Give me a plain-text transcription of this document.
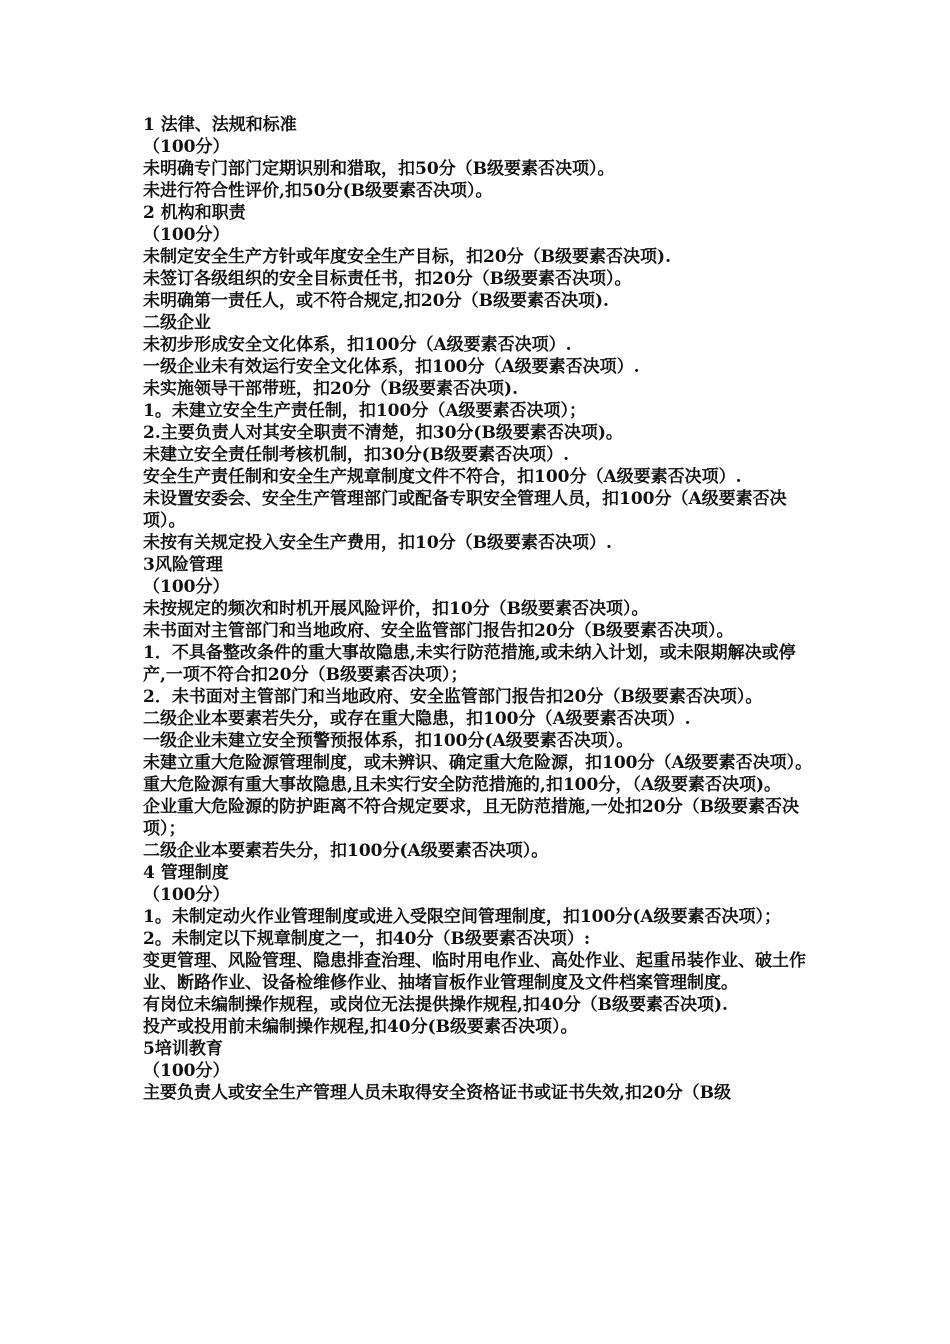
1 法律、法规和标准

（100分）

未明确专门部门定期识别和猎取，扣50分（B级要素否决项）。

未进行符合性评价,扣50分(B级要素否决项）。

2 机构和职责

（100分）

未制定安全生产方针或年度安全生产目标，扣20分（B级要素否决项).

未签订各级组织的安全目标责任书，扣20分（B级要素否决项）。

未明确第一责任人，或不符合规定,扣20分（B级要素否决项).

二级企业

未初步形成安全文化体系，扣100分（A级要素否决项）.

一级企业未有效运行安全文化体系，扣100分（A级要素否决项）.

未实施领导干部带班，扣20分（B级要素否决项).

1。未建立安全生产责任制，扣100分（A级要素否决项）；

2.主要负责人对其安全职责不清楚，扣30分(B级要素否决项)。

未建立安全责任制考核机制，扣30分(B级要素否决项）.

安全生产责任制和安全生产规章制度文件不符合，扣100分（A级要素否决项）.

未设置安委会、安全生产管理部门或配备专职安全管理人员，扣100分（A级要素否决项）。

未按有关规定投入安全生产费用，扣10分（B级要素否决项）.

3风险管理

（100分）

未按规定的频次和时机开展风险评价，扣10分（B级要素否决项）。

未书面对主管部门和当地政府、安全监管部门报告扣20分（B级要素否决项）。

1．不具备整改条件的重大事故隐患,未实行防范措施,或未纳入计划，或未限期解决或停产,一项不符合扣20分（B级要素否决项）；

2．未书面对主管部门和当地政府、安全监管部门报告扣20分（B级要素否决项）。

二级企业本要素若失分，或存在重大隐患，扣100分（A级要素否决项）.

一级企业未建立安全预警预报体系，扣100分(A级要素否决项）。

未建立重大危险源管理制度，或未辨识、确定重大危险源，扣100分（A级要素否决项）。

重大危险源有重大事故隐患,且未实行安全防范措施的,扣100分，（A级要素否决项)。

企业重大危险源的防护距离不符合规定要求，且无防范措施,一处扣20分（B级要素否决项）；

二级企业本要素若失分，扣100分(A级要素否决项）。

4 管理制度

（100分）

1。未制定动火作业管理制度或进入受限空间管理制度，扣100分(A级要素否决项）；

2。未制定以下规章制度之一，扣40分（B级要素否决项）:

变更管理、风险管理、隐患排查治理、临时用电作业、高处作业、起重吊装作业、破土作业、断路作业、设备检维修作业、抽堵盲板作业管理制度及文件档案管理制度。

有岗位未编制操作规程，或岗位无法提供操作规程,扣40分（B级要素否决项).

投产或投用前未编制操作规程,扣40分(B级要素否决项）。

5培训教育

（100分）

主要负责人或安全生产管理人员未取得安全资格证书或证书失效,扣20分（B级
